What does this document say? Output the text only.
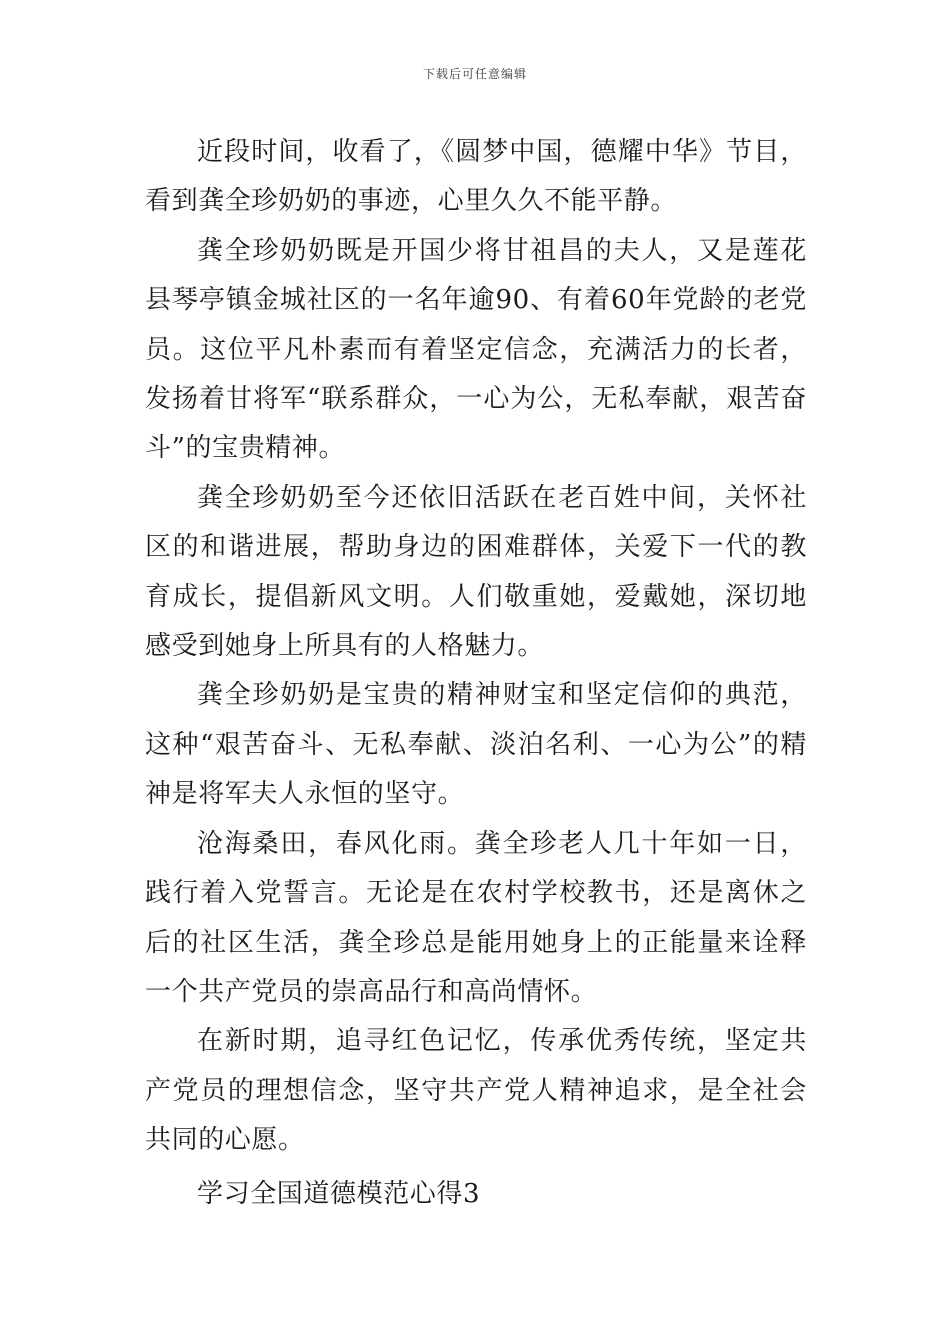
下载后可任意编辑

近段时间，收看了，《圆梦中国，德耀中华》节目，看到龚全珍奶奶的事迹，心里久久不能平静。

龚全珍奶奶既是开国少将甘祖昌的夫人，又是莲花县琴亭镇金城社区的一名年逾90、有着60年党龄的老党员。这位平凡朴素而有着坚定信念，充满活力的长者，发扬着甘将军“联系群众，一心为公，无私奉献，艰苦奋斗”的宝贵精神。

龚全珍奶奶至今还依旧活跃在老百姓中间，关怀社区的和谐进展，帮助身边的困难群体，关爱下一代的教育成长，提倡新风文明。人们敬重她，爱戴她，深切地感受到她身上所具有的人格魅力。

龚全珍奶奶是宝贵的精神财宝和坚定信仰的典范，这种“艰苦奋斗、无私奉献、淡泊名利、一心为公”的精神是将军夫人永恒的坚守。

沧海桑田，春风化雨。龚全珍老人几十年如一日，践行着入党誓言。无论是在农村学校教书，还是离休之后的社区生活，龚全珍总是能用她身上的正能量来诠释一个共产党员的崇高品行和高尚情怀。

在新时期，追寻红色记忆，传承优秀传统，坚定共产党员的理想信念，坚守共产党人精神追求，是全社会共同的心愿。

学习全国道德模范心得3
